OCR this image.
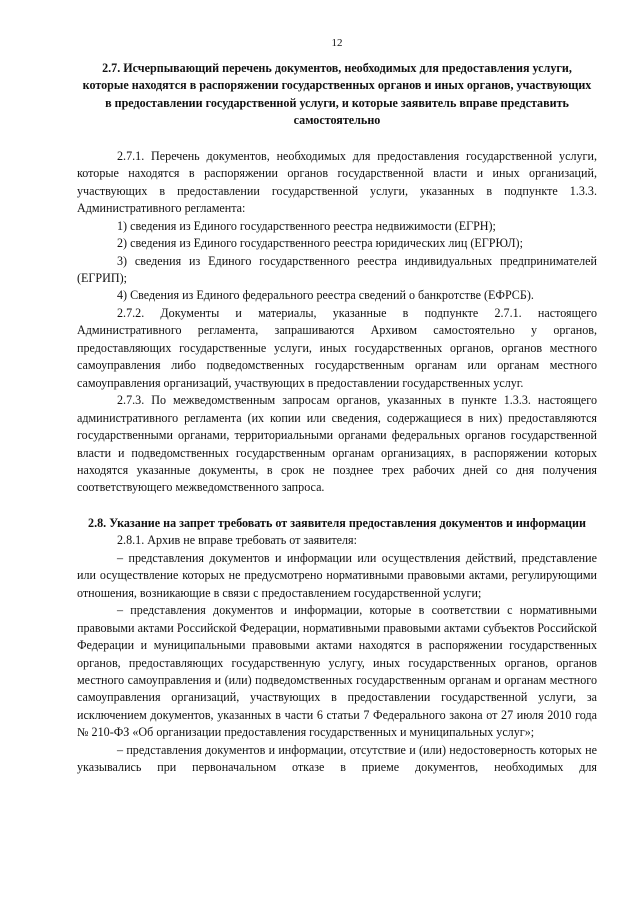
12
2.7. Исчерпывающий перечень документов, необходимых для предоставления услуги, которые находятся в распоряжении государственных органов и иных органов, участвующих в предоставлении государственной услуги, и которые заявитель вправе представить самостоятельно

2.7.1. Перечень документов, необходимых для предоставления государственной услуги, которые находятся в распоряжении органов государственной власти и иных организаций, участвующих в предоставлении государственной услуги, указанных в подпункте 1.3.3. Административного регламента:

1) сведения из Единого государственного реестра недвижимости (ЕГРН);

2) сведения из Единого государственного реестра юридических лиц (ЕГРЮЛ);

3) сведения из Единого государственного реестра индивидуальных предпринимателей (ЕГРИП);

4) Сведения из Единого федерального реестра сведений о банкротстве (ЕФРСБ).

2.7.2. Документы и материалы, указанные в подпункте 2.7.1. настоящего Административного регламента, запрашиваются Архивом самостоятельно у органов, предоставляющих государственные услуги, иных государственных органов, органов местного самоуправления либо подведомственных государственным органам или органам местного самоуправления организаций, участвующих в предоставлении государственных услуг.

2.7.3. По межведомственным запросам органов, указанных в пункте 1.3.3. настоящего административного регламента (их копии или сведения, содержащиеся в них) предоставляются государственными органами, территориальными органами федеральных органов государственной власти и подведомственных государственным органам организациях, в распоряжении которых находятся указанные документы, в срок не позднее трех рабочих дней со дня получения соответствующего межведомственного запроса.

2.8. Указание на запрет требовать от заявителя предоставления документов и информации

2.8.1. Архив не вправе требовать от заявителя:

– представления документов и информации или осуществления действий, представление или осуществление которых не предусмотрено нормативными правовыми актами, регулирующими отношения, возникающие в связи с предоставлением государственной услуги;

– представления документов и информации, которые в соответствии с нормативными правовыми актами Российской Федерации, нормативными правовыми актами субъектов Российской Федерации и муниципальными правовыми актами находятся в распоряжении государственных органов, предоставляющих государственную услугу, иных государственных органов, органов местного самоуправления и (или) подведомственных государственным органам и органам местного самоуправления организаций, участвующих в предоставлении государственной услуги, за исключением документов, указанных в части 6 статьи 7 Федерального закона от 27 июля 2010 года № 210-ФЗ «Об организации предоставления государственных и муниципальных услуг»;

– представления документов и информации, отсутствие и (или) недостоверность которых не указывались при первоначальном отказе в приеме документов, необходимых для
